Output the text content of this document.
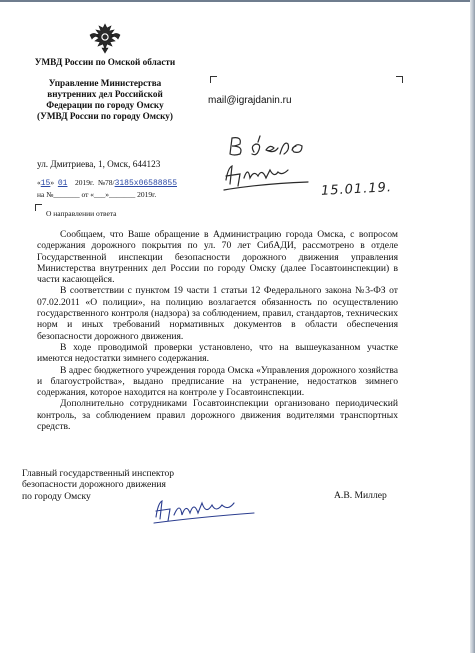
УМВД России по Омской области
Управление Министерства
внутренних дел Российской
Федерации по городу Омску
(УМВД России по городу Омску)
ул. Дмитриева, 1, Омск, 644123
«15» 01 2019г. №78/3185х06588855
на №_______ от «___»_______ 2019г.
О направлении ответа
mail@igrajdanin.ru
15.01.19.

Сообщаем, что Ваше обращение в Администрацию города Омска, с вопросом содержания дорожного покрытия по ул. 70 лет СибАДИ, рассмотрено в отделе Государственной инспекции безопасности дорожного движения управления Министерства внутренних дел России по городу Омску (далее Госавтоинспекции) в части касающейся.

В соответствии с пунктом 19 части 1 статьи 12 Федерального закона №3-ФЗ от 07.02.2011 «О полиции», на полицию возлагается обязанность по осуществлению государственного контроля (надзора) за соблюдением, правил, стандартов, технических норм и иных требований нормативных документов в области обеспечения безопасности дорожного движения.

В ходе проводимой проверки установлено, что на вышеуказанном участке имеются недостатки зимнего содержания.

В адрес бюджетного учреждения города Омска «Управления дорожного хозяйства и благоустройства», выдано предписание на устранение, недостатков зимнего содержания, которое находится на контроле у Госавтоинспекции.

Дополнительно сотрудниками Госавтоинспекции организовано периодический контроль, за соблюдением правил дорожного движения водителями транспортных средств.

Главный государственный инспектор
безопасности дорожного движения
по городу Омску	А.В. Миллер
